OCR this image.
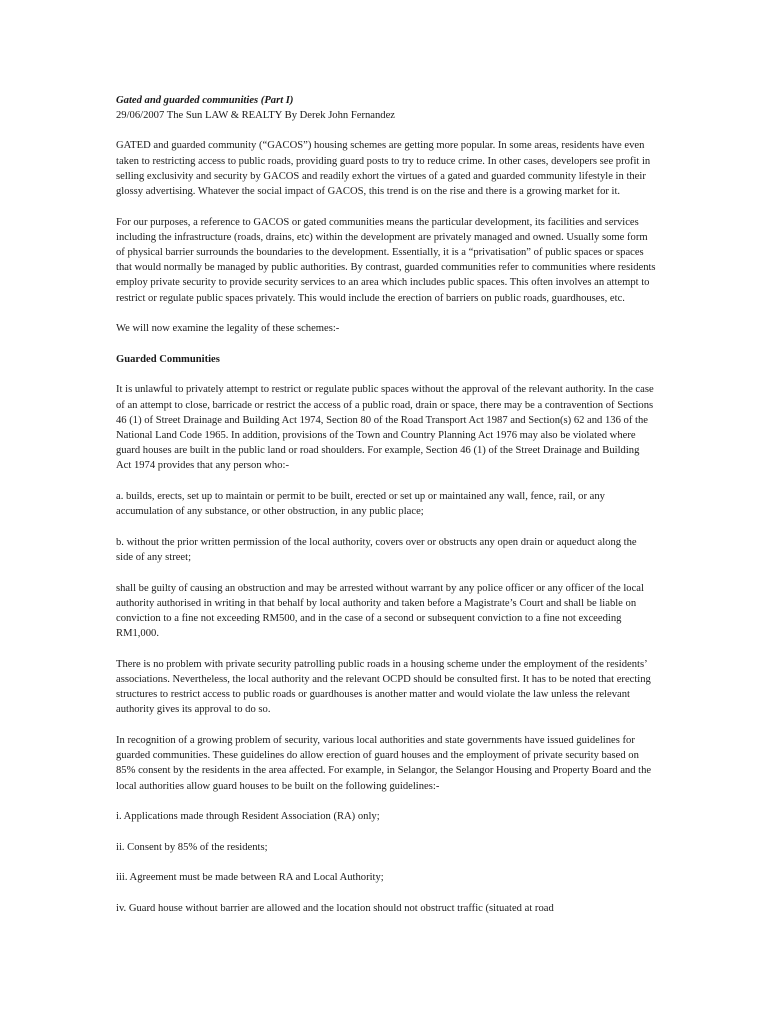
Gated and guarded communities (Part I)
29/06/2007 The Sun LAW & REALTY By Derek John Fernandez

GATED and guarded community (“GACOS”) housing schemes are getting more popular. In some areas, residents have even taken to restricting access to public roads, providing guard posts to try to reduce crime. In other cases, developers see profit in selling exclusivity and security by GACOS and readily exhort the virtues of a gated and guarded community lifestyle in their glossy advertising. Whatever the social impact of GACOS, this trend is on the rise and there is a growing market for it.

For our purposes, a reference to GACOS or gated communities means the particular development, its facilities and services including the infrastructure (roads, drains, etc) within the development are privately managed and owned. Usually some form of physical barrier surrounds the boundaries to the development. Essentially, it is a “privatisation” of public spaces or spaces that would normally be managed by public authorities. By contrast, guarded communities refer to communities where residents employ private security to provide security services to an area which includes public spaces. This often involves an attempt to restrict or regulate public spaces privately. This would include the erection of barriers on public roads, guardhouses, etc.

We will now examine the legality of these schemes:-

Guarded Communities

It is unlawful to privately attempt to restrict or regulate public spaces without the approval of the relevant authority. In the case of an attempt to close, barricade or restrict the access of a public road, drain or space, there may be a contravention of Sections 46 (1) of Street Drainage and Building Act 1974, Section 80 of the Road Transport Act 1987 and Section(s) 62 and 136 of the National Land Code 1965. In addition, provisions of the Town and Country Planning Act 1976 may also be violated where guard houses are built in the public land or road shoulders. For example, Section 46 (1) of the Street Drainage and Building Act 1974 provides that any person who:-

a. builds, erects, set up to maintain or permit to be built, erected or set up or maintained any wall, fence, rail, or any accumulation of any substance, or other obstruction, in any public place;

b. without the prior written permission of the local authority, covers over or obstructs any open drain or aqueduct along the side of any street;

shall be guilty of causing an obstruction and may be arrested without warrant by any police officer or any officer of the local authority authorised in writing in that behalf by local authority and taken before a Magistrate’s Court and shall be liable on conviction to a fine not exceeding RM500, and in the case of a second or subsequent conviction to a fine not exceeding RM1,000.

There is no problem with private security patrolling public roads in a housing scheme under the employment of the residents’ associations. Nevertheless, the local authority and the relevant OCPD should be consulted first. It has to be noted that erecting structures to restrict access to public roads or guardhouses is another matter and would violate the law unless the relevant authority gives its approval to do so.

In recognition of a growing problem of security, various local authorities and state governments have issued guidelines for guarded communities. These guidelines do allow erection of guard houses and the employment of private security based on 85% consent by the residents in the area affected. For example, in Selangor, the Selangor Housing and Property Board and the local authorities allow guard houses to be built on the following guidelines:-

i. Applications made through Resident Association (RA) only;

ii. Consent by 85% of the residents;

iii. Agreement must be made between RA and Local Authority;

iv. Guard house without barrier are allowed and the location should not obstruct traffic (situated at road
